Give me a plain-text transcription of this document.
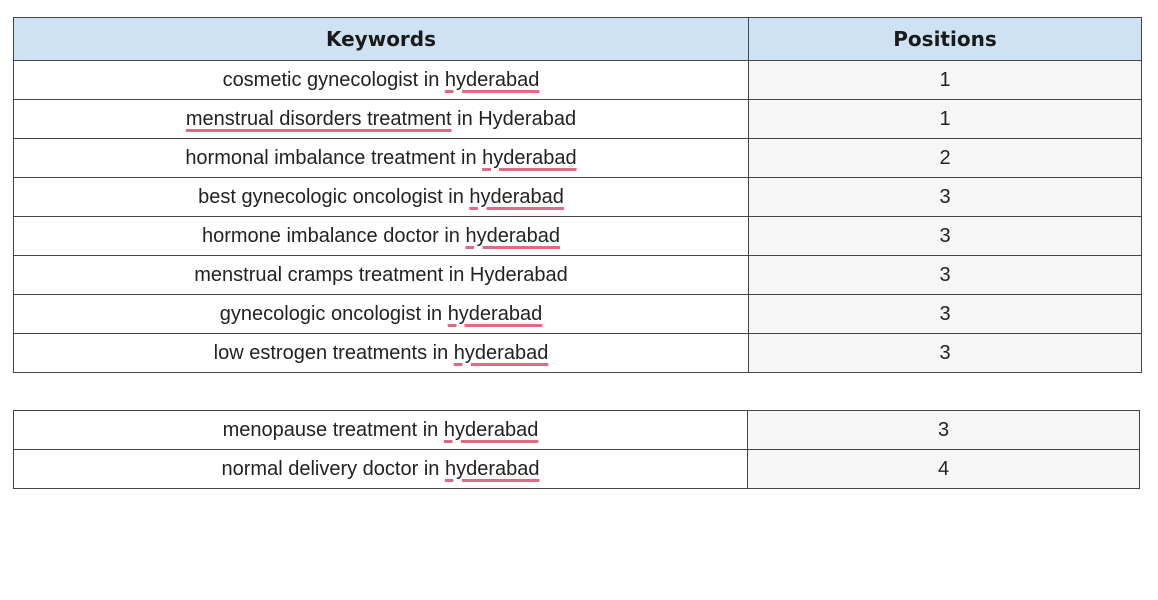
Keywords	Positions
cosmetic gynecologist in hyderabad	1
menstrual disorders treatment in Hyderabad	1
hormonal imbalance treatment in hyderabad	2
best gynecologic oncologist in hyderabad	3
hormone imbalance doctor in hyderabad	3
menstrual cramps treatment in Hyderabad	3
gynecologic oncologist in hyderabad	3
low estrogen treatments in hyderabad	3
menopause treatment in hyderabad	3
normal delivery doctor in hyderabad	4
